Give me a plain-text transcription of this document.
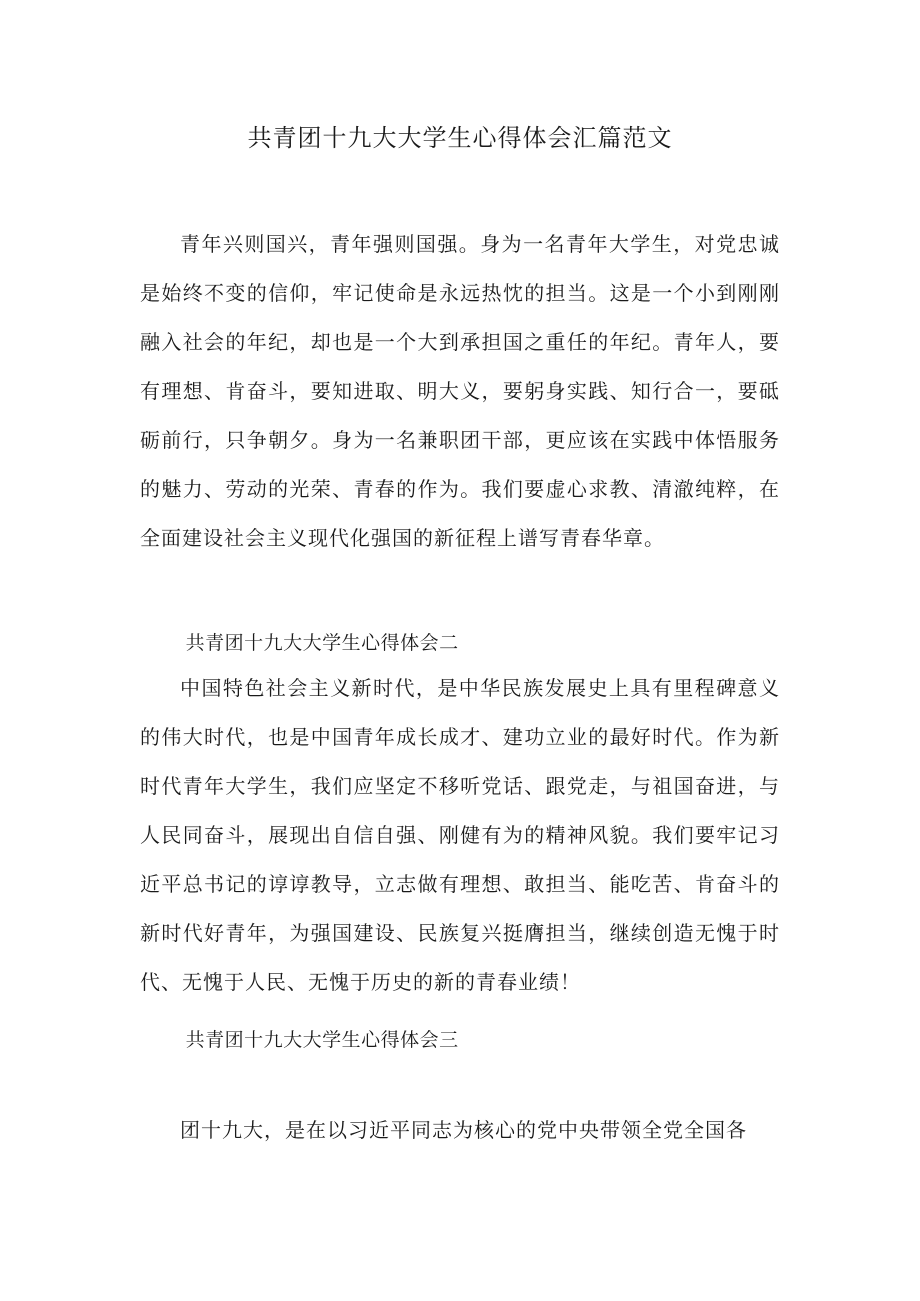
共青团十九大大学生心得体会汇篇范文

青年兴则国兴，青年强则国强。身为一名青年大学生，对党忠诚是始终不变的信仰，牢记使命是永远热忱的担当。这是一个小到刚刚融入社会的年纪，却也是一个大到承担国之重任的年纪。青年人，要有理想、肯奋斗，要知进取、明大义，要躬身实践、知行合一，要砥砺前行，只争朝夕。身为一名兼职团干部，更应该在实践中体悟服务的魅力、劳动的光荣、青春的作为。我们要虚心求教、清澈纯粹，在全面建设社会主义现代化强国的新征程上谱写青春华章。

共青团十九大大学生心得体会二

中国特色社会主义新时代，是中华民族发展史上具有里程碑意义的伟大时代，也是中国青年成长成才、建功立业的最好时代。作为新时代青年大学生，我们应坚定不移听党话、跟党走，与祖国奋进，与人民同奋斗，展现出自信自强、刚健有为的精神风貌。我们要牢记习近平总书记的谆谆教导，立志做有理想、敢担当、能吃苦、肯奋斗的新时代好青年，为强国建设、民族复兴挺膺担当，继续创造无愧于时代、无愧于人民、无愧于历史的新的青春业绩！

共青团十九大大学生心得体会三

团十九大，是在以习近平同志为核心的党中央带领全党全国各
